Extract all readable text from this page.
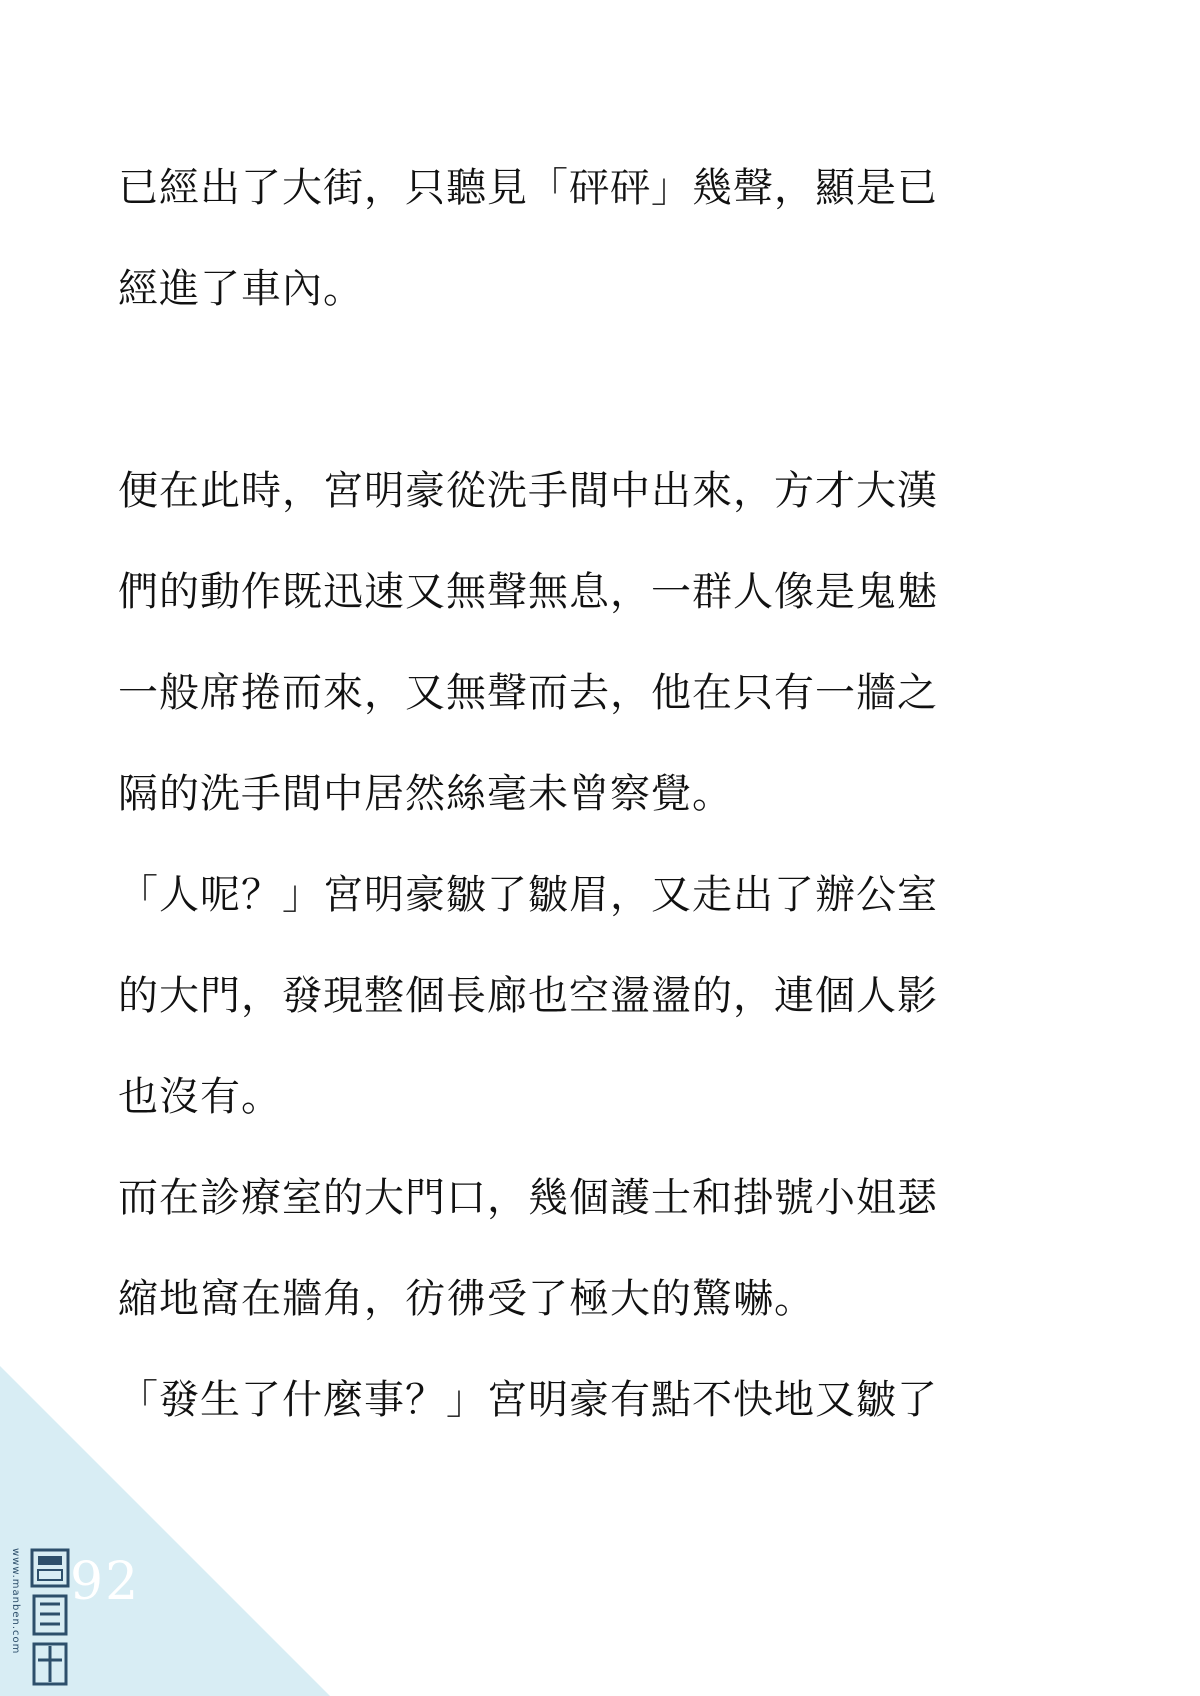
已經出了大街，只聽見「砰砰」幾聲，顯是已
經進了車內。
便在此時，宮明豪從洗手間中出來，方才大漢
們的動作既迅速又無聲無息，一群人像是鬼魅
一般席捲而來，又無聲而去，他在只有一牆之
隔的洗手間中居然絲毫未曾察覺。
「人呢？」宮明豪皺了皺眉，又走出了辦公室
的大門，發現整個長廊也空盪盪的，連個人影
也沒有。
而在診療室的大門口，幾個護士和掛號小姐瑟
縮地窩在牆角，彷彿受了極大的驚嚇。
「發生了什麼事？」宮明豪有點不快地又皺了
92
www.manben.com
